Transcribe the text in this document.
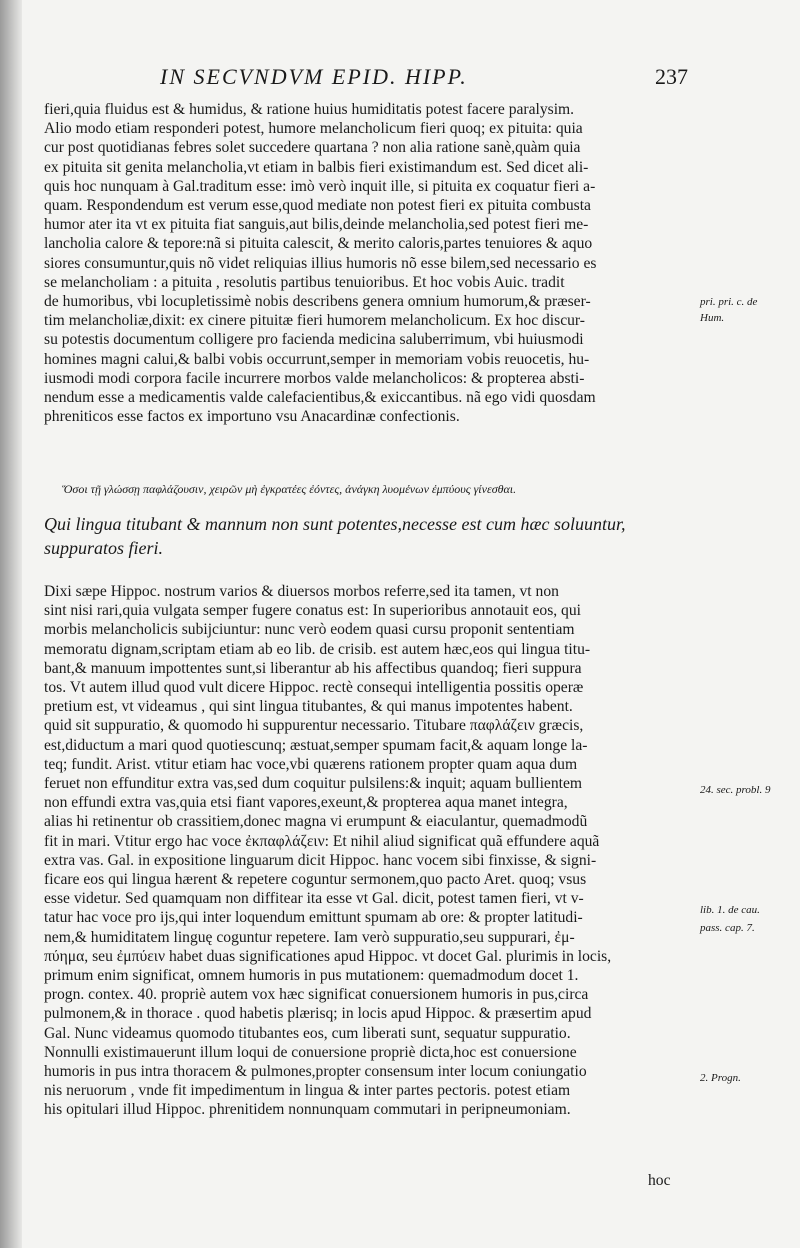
IN SECVNDVM EPID. HIPP.	237
fieri,quia fluidus est & humidus, & ratione huius humiditatis potest facere paralysim.
Alio modo etiam responderi potest, humore melancholicum fieri quoq; ex pituita: quia
cur post quotidianas febres solet succedere quartana ? non alia ratione sanè,quàm quia
ex pituita sit genita melancholia,vt etiam in balbis fieri existimandum est. Sed dicet ali-
quis hoc nunquam à Gal.traditum esse: imò verò inquit ille, si pituita ex coquatur fieri a-
quam. Respondendum est verum esse,quod mediate non potest fieri ex pituita combusta
humor ater ita vt ex pituita fiat sanguis,aut bilis,deinde melancholia,sed potest fieri me-
lancholia calore & tepore:nã si pituita calescit, & merito caloris,partes tenuiores & aquo
siores consumuntur,quis nõ videt reliquias illius humoris nõ esse bilem,sed necessario es
se melancholiam : a pituita , resolutis partibus tenuioribus. Et hoc vobis Auic. tradit
de humoribus, vbi locupletissimè nobis describens genera omnium humorum,& præser-
tim melancholiæ,dixit: ex cinere pituitæ fieri humorem melancholicum. Ex hoc discur-
su potestis documentum colligere pro facienda medicina saluberrimum, vbi huiusmodi
homines magni calui,& balbi vobis occurrunt,semper in memoriam vobis reuocetis, hu-
iusmodi modi corpora facile incurrere morbos valde melancholicos: & propterea absti-
nendum esse a medicamentis valde calefacientibus,& exiccantibus. nã ego vidi quosdam
phreniticos esse factos ex importuno vsu Anacardinæ confectionis.
Ὅσοι τῇ γλώσσῃ παφλάζουσιν, χειρῶν μὴ ἐγκρατέες ἐόντες, ἀνάγκη λυομένων ἐμπύους γίνεσθαι.
Qui lingua titubant & mannum non sunt potentes,necesse est cum hæc soluuntur, suppuratos fieri.
Dixi sæpe Hippoc. nostrum varios & diuersos morbos referre,sed ita tamen, vt non
sint nisi rari,quia vulgata semper fugere conatus est: In superioribus annotauit eos, qui
morbis melancholicis subijciuntur: nunc verò eodem quasi cursu proponit sententiam
memoratu dignam,scriptam etiam ab eo lib. de crisib. est autem hæc,eos qui lingua titu-
bant,& manuum impottentes sunt,si liberantur ab his affectibus quandoq; fieri suppura
tos. Vt autem illud quod vult dicere Hippoc. rectè consequi intelligentia possitis operæ
pretium est, vt videamus , qui sint lingua titubantes, & qui manus impotentes habent.
quid sit suppuratio, & quomodo hi suppurentur necessario. Titubare παφλάζειν græcis,
est,diductum a mari quod quotiescunq; æstuat,semper spumam facit,& aquam longe la-
teq; fundit. Arist. vtitur etiam hac voce,vbi quærens rationem propter quam aqua dum
feruet non effunditur extra vas,sed dum coquitur pulsilens:& inquit; aquam bullientem
non effundi extra vas,quia etsi fiant vapores,exeunt,& propterea aqua manet integra,
alias hi retinentur ob crassitiem,donec magna vi erumpunt & eiaculantur, quemadmodũ
fit in mari. Vtitur ergo hac voce ἐκπαφλάζειν: Et nihil aliud significat quã effundere aquã
extra vas. Gal. in expositione linguarum dicit Hippoc. hanc vocem sibi finxisse, & signi-
ficare eos qui lingua hærent & repetere coguntur sermonem,quo pacto Aret. quoq; vsus
esse videtur. Sed quamquam non diffitear ita esse vt Gal. dicit, potest tamen fieri, vt v-
tatur hac voce pro ijs,qui inter loquendum emittunt spumam ab ore: & propter latitudi-
nem,& humiditatem linguę coguntur repetere. Iam verò suppuratio,seu suppurari, ἐμ-
πύημα, seu ἐμπύειν habet duas significationes apud Hippoc. vt docet Gal. plurimis in locis,
primum enim significat, omnem humoris in pus mutationem: quemadmodum docet 1.
progn. contex. 40. propriè autem vox hæc significat conuersionem humoris in pus,circa
pulmonem,& in thorace . quod habetis plærisq; in locis apud Hippoc. & præsertim apud
Gal. Nunc videamus quomodo titubantes eos, cum liberati sunt, sequatur suppuratio.
Nonnulli existimauerunt illum loqui de conuersione propriè dicta,hoc est conuersione
humoris in pus intra thoracem & pulmones,propter consensum inter locum coniungatio
nis neruorum , vnde fit impedimentum in lingua & inter partes pectoris. potest etiam
his opitulari illud Hippoc. phrenitidem nonnunquam commutari in peripneumoniam.
pri. pri. c. de
Hum.
24. sec. probl. 9
lib. 1. de cau.
pass. cap. 7.
2. Progn.
hoc
